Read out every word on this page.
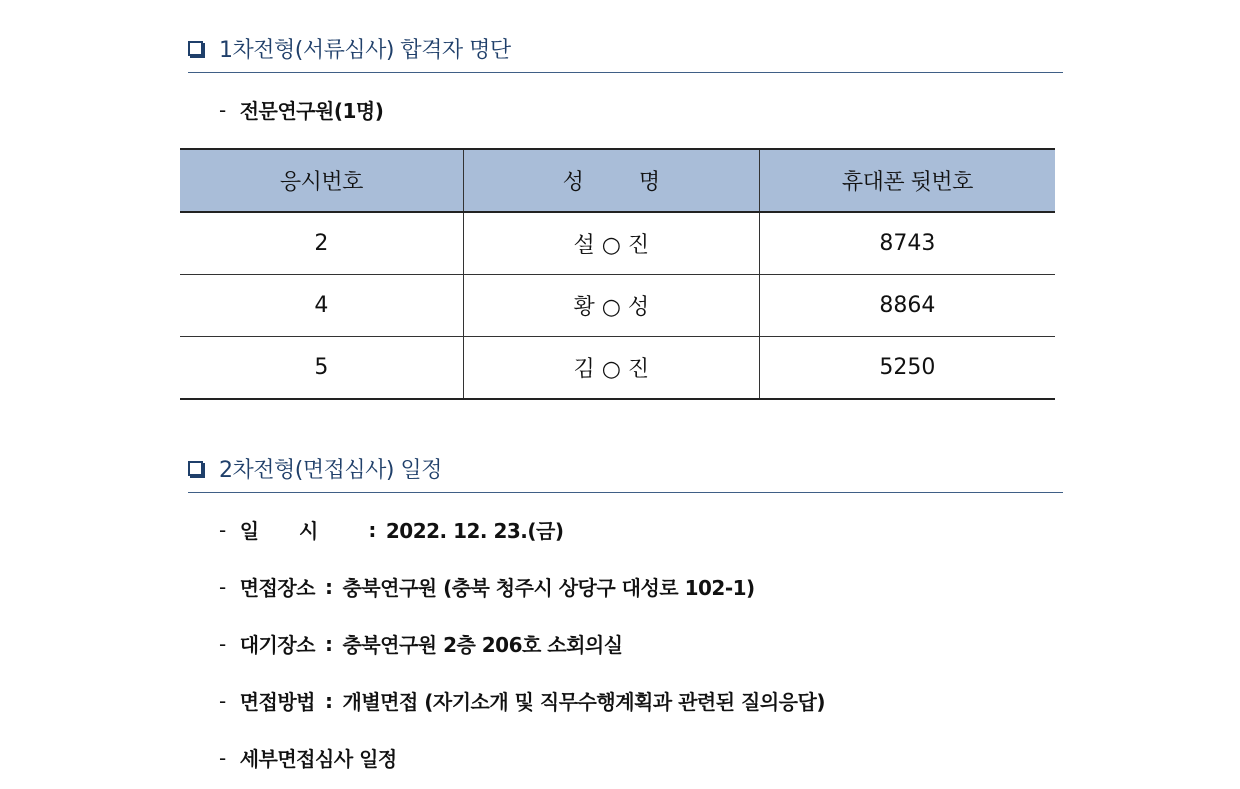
1차전형(서류심사) 합격자 명단
- 전문연구원(1명)
응시번호	성명	휴대폰 뒷번호
2	설 ○ 진	8743
4	황 ○ 성	8864
5	김 ○ 진	5250
2차전형(면접심사) 일정
- 일시 : 2022. 12. 23.(금)
- 면접장소 : 충북연구원 (충북 청주시 상당구 대성로 102-1)
- 대기장소 : 충북연구원 2층 206호 소회의실
- 면접방법 : 개별면접 (자기소개 및 직무수행계획과 관련된 질의응답)
- 세부면접심사 일정
